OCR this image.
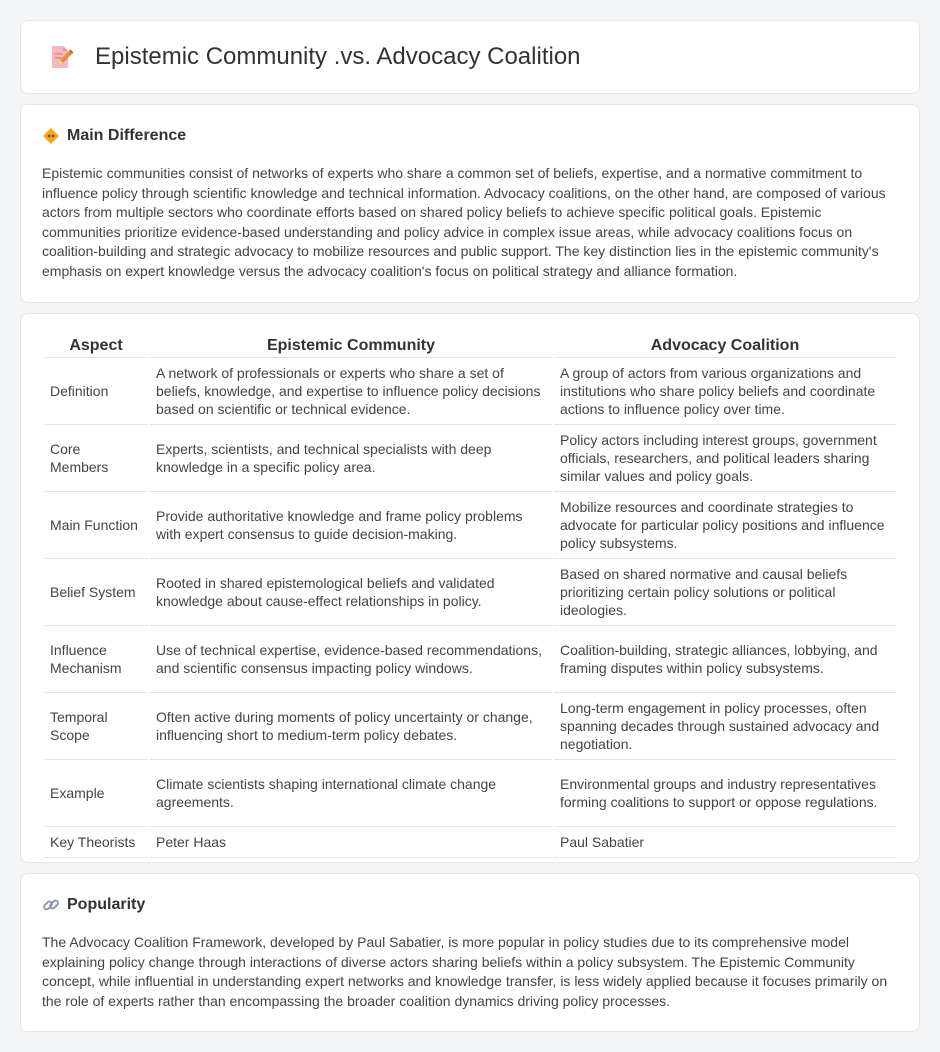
Epistemic Community .vs. Advocacy Coalition
Main Difference

Epistemic communities consist of networks of experts who share a common set of beliefs, expertise, and a normative commitment to influence policy through scientific knowledge and technical information. Advocacy coalitions, on the other hand, are composed of various actors from multiple sectors who coordinate efforts based on shared policy beliefs to achieve specific political goals. Epistemic communities prioritize evidence-based understanding and policy advice in complex issue areas, while advocacy coalitions focus on coalition-building and strategic advocacy to mobilize resources and public support. The key distinction lies in the epistemic community's emphasis on expert knowledge versus the advocacy coalition's focus on political strategy and alliance formation.

Aspect	Epistemic Community	Advocacy Coalition
Definition	A network of professionals or experts who share a set of beliefs, knowledge, and expertise to influence policy decisions based on scientific or technical evidence.	A group of actors from various organizations and institutions who share policy beliefs and coordinate actions to influence policy over time.
Core Members	Experts, scientists, and technical specialists with deep knowledge in a specific policy area.	Policy actors including interest groups, government officials, researchers, and political leaders sharing similar values and policy goals.
Main Function	Provide authoritative knowledge and frame policy problems with expert consensus to guide decision-making.	Mobilize resources and coordinate strategies to advocate for particular policy positions and influence policy subsystems.
Belief System	Rooted in shared epistemological beliefs and validated knowledge about cause-effect relationships in policy.	Based on shared normative and causal beliefs prioritizing certain policy solutions or political ideologies.
Influence Mechanism	Use of technical expertise, evidence-based recommendations, and scientific consensus impacting policy windows.	Coalition-building, strategic alliances, lobbying, and framing disputes within policy subsystems.
Temporal Scope	Often active during moments of policy uncertainty or change, influencing short to medium-term policy debates.	Long-term engagement in policy processes, often spanning decades through sustained advocacy and negotiation.
Example	Climate scientists shaping international climate change agreements.	Environmental groups and industry representatives forming coalitions to support or oppose regulations.
Key Theorists	Peter Haas	Paul Sabatier
Popularity

The Advocacy Coalition Framework, developed by Paul Sabatier, is more popular in policy studies due to its comprehensive model explaining policy change through interactions of diverse actors sharing beliefs within a policy subsystem. The Epistemic Community concept, while influential in understanding expert networks and knowledge transfer, is less widely applied because it focuses primarily on the role of experts rather than encompassing the broader coalition dynamics driving policy processes.
